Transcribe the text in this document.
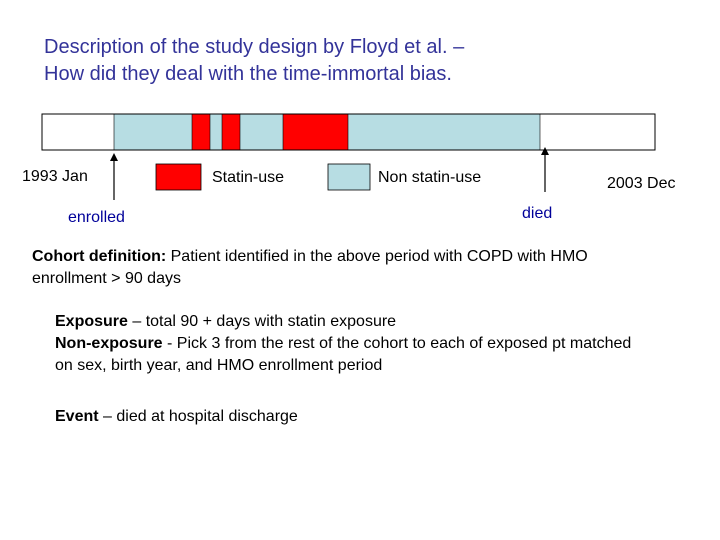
Description of the study design by Floyd et al. –
How did they deal with the time-immortal bias.
1993 Jan	2003 Dec
Statin-use	Non statin-use
enrolled	died
Cohort definition: Patient identified in the above period with COPD with HMO
enrollment > 90 days
Exposure – total 90 + days with statin exposure
Non-exposure - Pick 3 from the rest of the cohort to each of exposed pt matched
on sex, birth year, and HMO enrollment period
Event – died at hospital discharge
